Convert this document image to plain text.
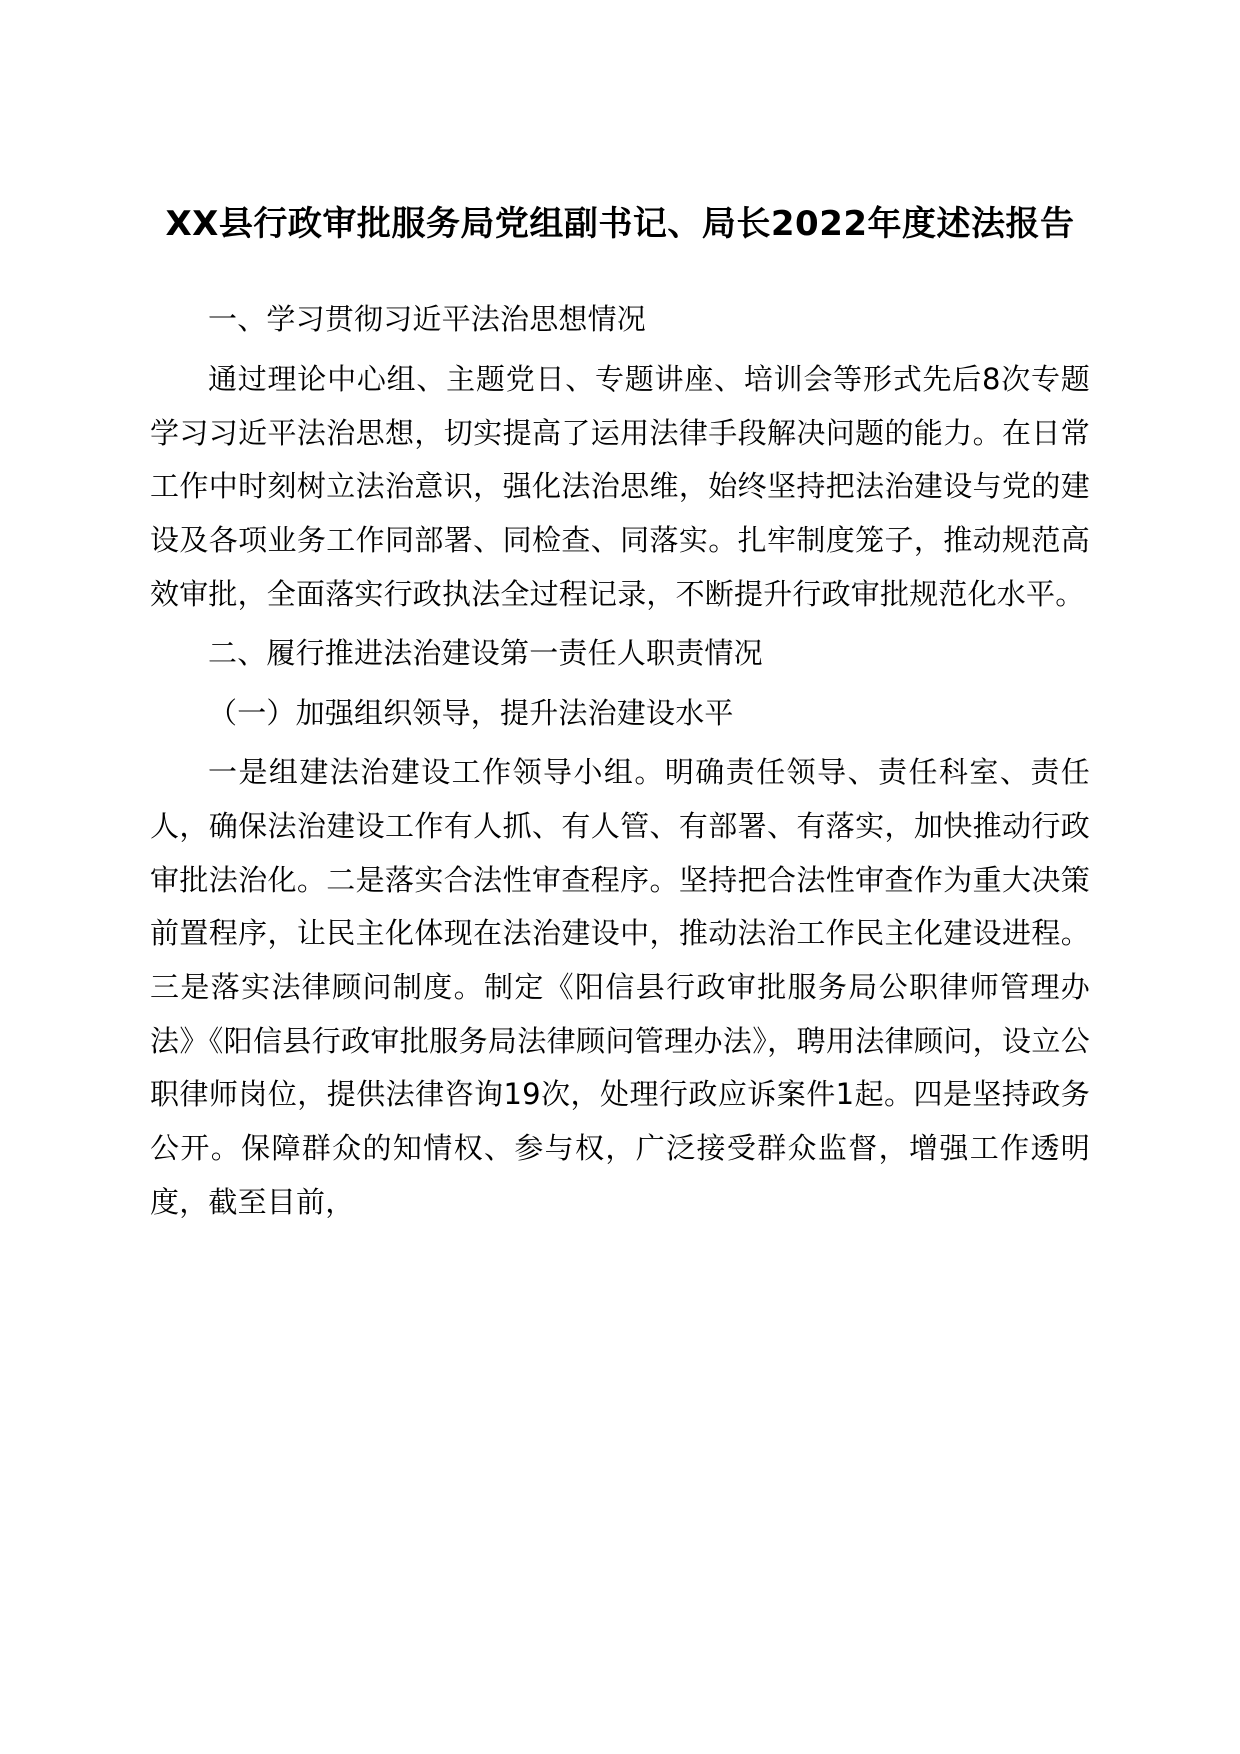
XX县行政审批服务局党组副书记、局长2022年度述法报告

一、学习贯彻习近平法治思想情况

通过理论中心组、主题党日、专题讲座、培训会等形式先后8次专题学习习近平法治思想，切实提高了运用法律手段解决问题的能力。在日常工作中时刻树立法治意识，强化法治思维，始终坚持把法治建设与党的建设及各项业务工作同部署、同检查、同落实。扎牢制度笼子，推动规范高效审批，全面落实行政执法全过程记录，不断提升行政审批规范化水平。

二、履行推进法治建设第一责任人职责情况

（一）加强组织领导，提升法治建设水平

一是组建法治建设工作领导小组。明确责任领导、责任科室、责任人，确保法治建设工作有人抓、有人管、有部署、有落实，加快推动行政审批法治化。二是落实合法性审查程序。坚持把合法性审查作为重大决策前置程序，让民主化体现在法治建设中，推动法治工作民主化建设进程。三是落实法律顾问制度。制定《阳信县行政审批服务局公职律师管理办法》《阳信县行政审批服务局法律顾问管理办法》，聘用法律顾问，设立公职律师岗位，提供法律咨询19次，处理行政应诉案件1起。四是坚持政务公开。保障群众的知情权、参与权，广泛接受群众监督，增强工作透明度，截至目前，
